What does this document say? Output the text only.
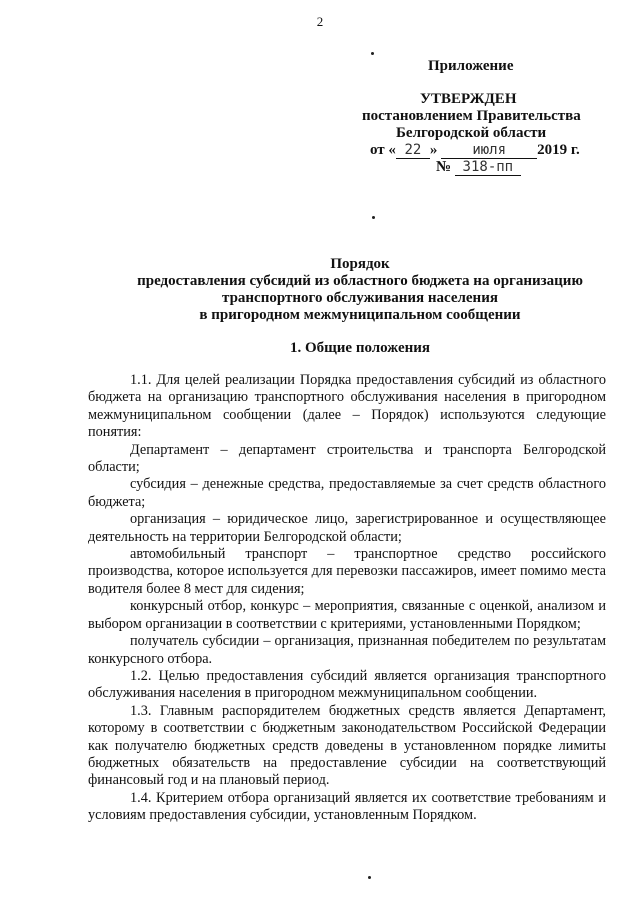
2
Приложение
УТВЕРЖДЕН
постановлением Правительства
Белгородской области
от « 22 » июля 2019 г.
№ 318-пп
Порядок
предоставления субсидий из областного бюджета на организацию
транспортного обслуживания населения
в пригородном межмуниципальном сообщении
1. Общие положения

1.1. Для целей реализации Порядка предоставления субсидий из областного бюджета на организацию транспортного обслуживания населения в пригородном межмуниципальном сообщении (далее – Порядок) используются следующие понятия:

Департамент – департамент строительства и транспорта Белгородской области;

субсидия – денежные средства, предоставляемые за счет средств областного бюджета;

организация – юридическое лицо, зарегистрированное и осуществляющее деятельность на территории Белгородской области;

автомобильный транспорт – транспортное средство российского производства, которое используется для перевозки пассажиров, имеет помимо места водителя более 8 мест для сидения;

конкурсный отбор, конкурс – мероприятия, связанные с оценкой, анализом и выбором организации в соответствии с критериями, установленными Порядком;

получатель субсидии – организация, признанная победителем по результатам конкурсного отбора.

1.2. Целью предоставления субсидий является организация транспортного обслуживания населения в пригородном межмуниципальном сообщении.

1.3. Главным распорядителем бюджетных средств является Департамент, которому в соответствии с бюджетным законодательством Российской Федерации как получателю бюджетных средств доведены в установленном порядке лимиты бюджетных обязательств на предоставление субсидии на соответствующий финансовый год и на плановый период.

1.4. Критерием отбора организаций является их соответствие требованиям и условиям предоставления субсидии, установленным Порядком.
